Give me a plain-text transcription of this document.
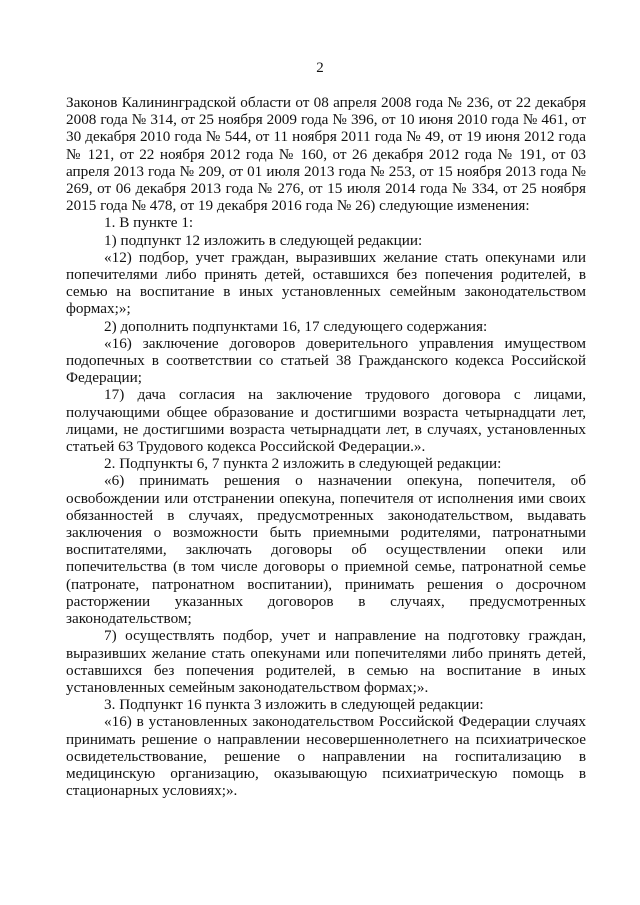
2

Законов Калининградской области от 08 апреля 2008 года № 236, от 22 декабря 2008 года № 314, от 25 ноября 2009 года № 396, от 10 июня 2010 года № 461, от 30 декабря 2010 года № 544, от 11 ноября 2011 года № 49, от 19 июня 2012 года № 121, от 22 ноября 2012 года № 160, от 26 декабря 2012 года № 191, от 03 апреля 2013 года № 209, от 01 июля 2013 года № 253, от 15 ноября 2013 года № 269, от 06 декабря 2013 года № 276, от 15 июля 2014 года № 334, от 25 ноября 2015 года № 478, от 19 декабря 2016 года № 26) следующие изменения:

1. В пункте 1:

1) подпункт 12 изложить в следующей редакции:

«12) подбор, учет граждан, выразивших желание стать опекунами или попечителями либо принять детей, оставшихся без попечения родителей, в семью на воспитание в иных установленных семейным законодательством формах;»;

2) дополнить подпунктами 16, 17 следующего содержания:

«16) заключение договоров доверительного управления имуществом подопечных в соответствии со статьей 38 Гражданского кодекса Российской Федерации;

17) дача согласия на заключение трудового договора с лицами, получающими общее образование и достигшими возраста четырнадцати лет, лицами, не достигшими возраста четырнадцати лет, в случаях, установленных статьей 63 Трудового кодекса Российской Федерации.».

2. Подпункты 6, 7 пункта 2 изложить в следующей редакции:

«6) принимать решения о назначении опекуна, попечителя, об освобождении или отстранении опекуна, попечителя от исполнения ими своих обязанностей в случаях, предусмотренных законодательством, выдавать заключения о возможности быть приемными родителями, патронатными воспитателями, заключать договоры об осуществлении опеки или попечительства (в том числе договоры о приемной семье, патронатной семье (патронате, патронатном воспитании), принимать решения о досрочном расторжении указанных договоров в случаях, предусмотренных законодательством;

7) осуществлять подбор, учет и направление на подготовку граждан, выразивших желание стать опекунами или попечителями либо принять детей, оставшихся без попечения родителей, в семью на воспитание в иных установленных семейным законодательством формах;».

3. Подпункт 16 пункта 3 изложить в следующей редакции:

«16) в установленных законодательством Российской Федерации случаях принимать решение о направлении несовершеннолетнего на психиатрическое освидетельствование, решение о направлении на госпитализацию в медицинскую организацию, оказывающую психиатрическую помощь в стационарных условиях;».
